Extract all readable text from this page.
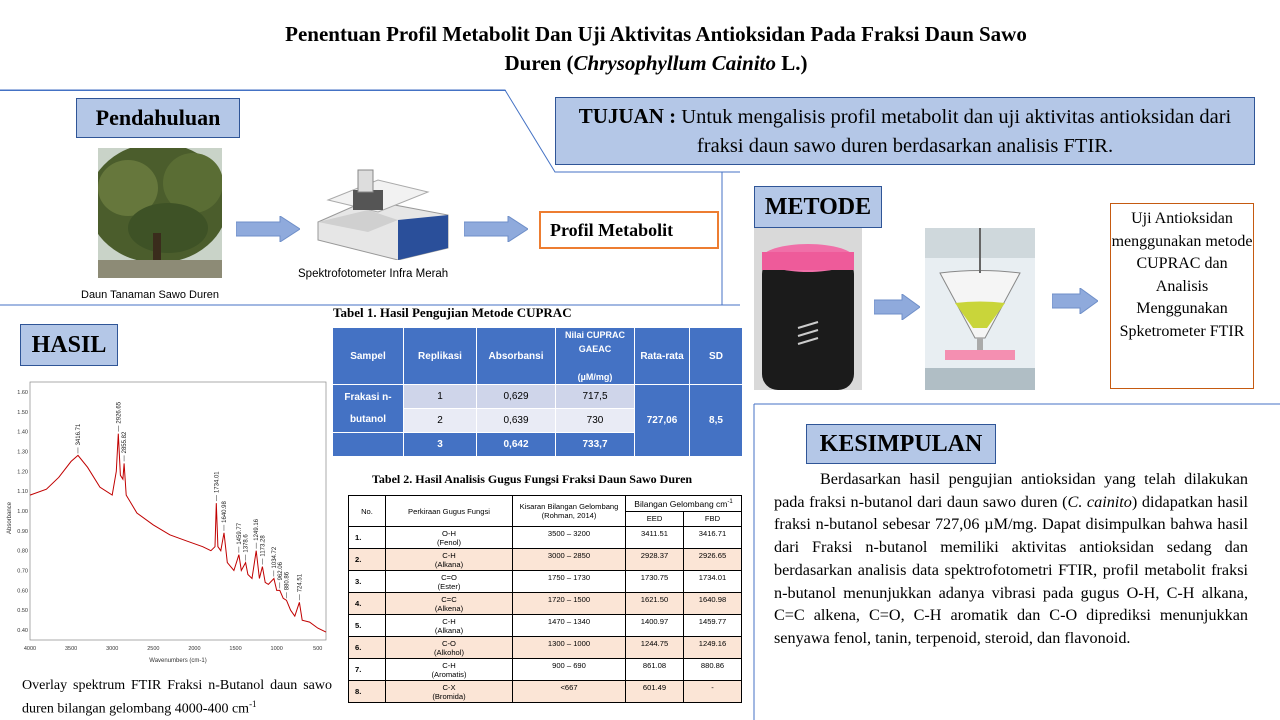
Penentuan Profil Metabolit Dan Uji Aktivitas Antioksidan Pada Fraksi Daun Sawo
Duren (Chrysophyllum Cainito L.)
Pendahuluan
Daun Tanaman Sawo Duren
Spektrofotometer Infra Merah
Profil Metabolit
TUJUAN : Untuk mengalisis profil metabolit dan uji aktivitas antioksidan dari fraksi daun sawo duren berdasarkan analisis FTIR.
METODE	Uji Antioksidan menggunakan metode CUPRAC dan Analisis Menggunakan Spketrometer FTIR
HASIL
1.60
1.50
1.40
1.30
1.20
1.10
1.00
0.90
0.80
0.70
0.60
0.50
0.40
4000	3500	3000	2500	2000	1500	1000	500
3416.71
2926.65
2855.82
1734.01
1640.98
1459.77 1378.6
1249.16
1173.28
1034.72
962.06
880.86 724.51
Absorbance
Wavenumbers (cm-1)
Overlay spektrum FTIR Fraksi n-Butanol daun sawo duren bilangan gelombang 4000-400 $cm^{-1}$
Tabel 1. Hasil Pengujian Metode CUPRAC
Sampel	Replikasi	Absorbansi	Nilai CUPRAC GAEAC

(µM/mg)	Rata-rata	SD
Frakasi n-butanol	1	0,629	717,5	727,06	8,5
	2	0,639	730		
	3	0,642	733,7		
Tabel 2. Hasil Analisis Gugus Fungsi Fraksi Daun Sawo Duren
No.	Perkiraan Gugus Fungsi	Kisaran Bilangan Gelombang (Rohman, 2014)	Bilangan Gelombang $cm^{-1}$
			EED	FBD
1.	O-H
(Fenol)	3500 – 3200	3411.51	3416.71
2.	C-H
(Alkana)	3000 – 2850	2928.37	2926.65
3.	C=O
(Ester)	1750 – 1730	1730.75	1734.01
4.	C=C
(Alkena)	1720 – 1500	1621.50	1640.98
5.	C-H
(Alkana)	1470 – 1340	1400.97	1459.77
6.	C-O
(Alkohol)	1300 – 1000	1244.75	1249.16
7.	C-H
(Aromatis)	900 – 690	861.08	880.86
8.	C-X
(Bromida)	<667	601.49	-
KESIMPULAN
Berdasarkan hasil pengujian antioksidan yang telah dilakukan pada fraksi n-butanol dari daun sawo duren (C. cainito) didapatkan hasil fraksi n-butanol sebesar 727,06 µM/mg. Dapat disimpulkan bahwa hasil dari Fraksi n-butanol memiliki aktivitas antioksidan sedang dan berdasarkan analisis data spektrofotometri FTIR, profil metabolit fraksi n-butanol menunjukkan adanya vibrasi pada gugus O-H, C-H alkana, C=C alkena, C=O, C-H aromatik dan C-O diprediksi menunjukkan senyawa fenol, tanin, terpenoid, steroid, dan flavonoid.
